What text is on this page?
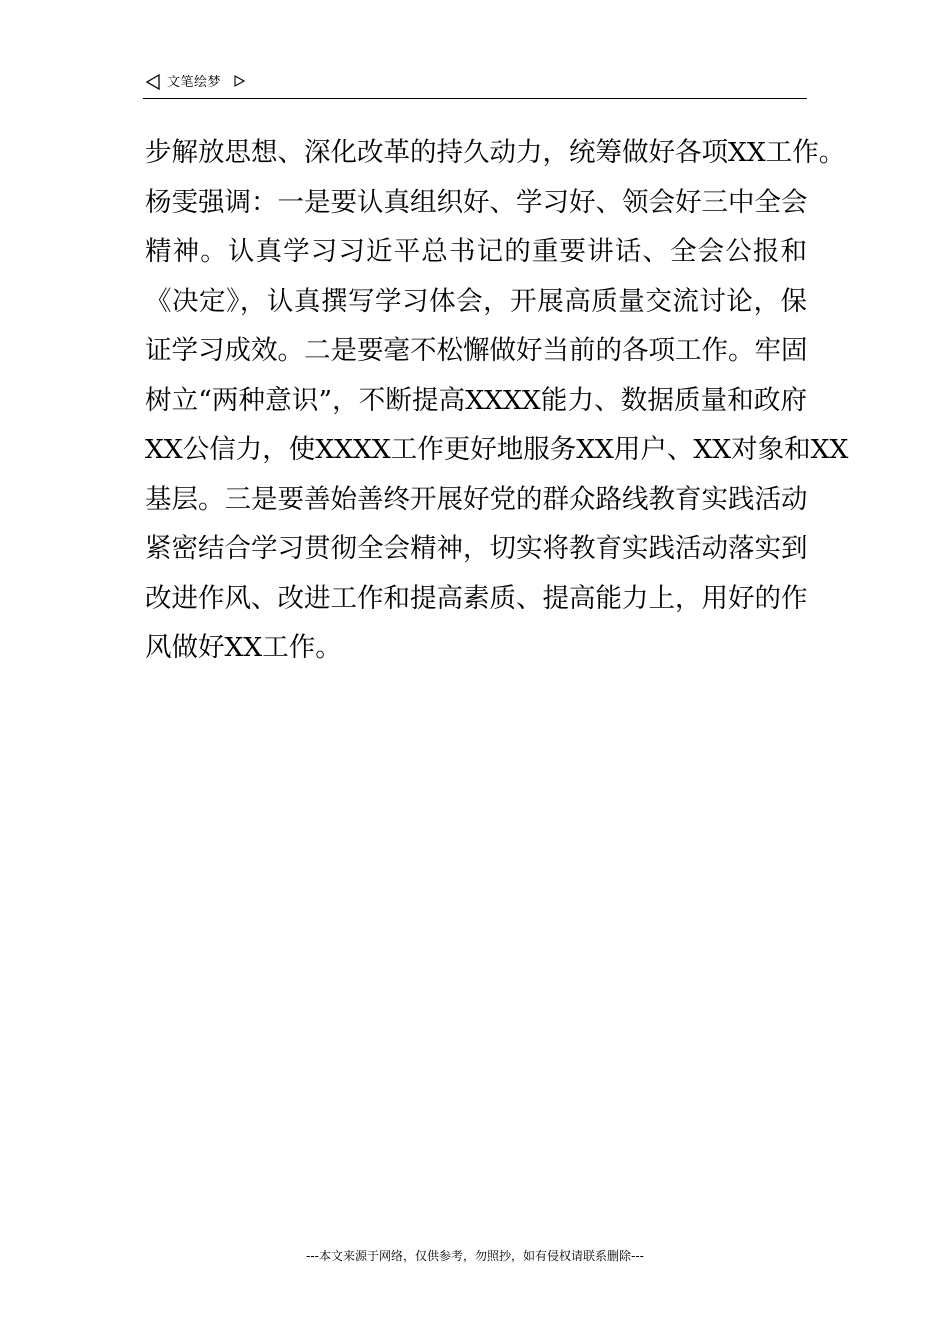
文笔绘梦
步解放思想、深化改革的持久动力，统筹做好各项XX工作。
杨雯强调：一是要认真组织好、学习好、领会好三中全会
精神。认真学习习近平总书记的重要讲话、全会公报和
《决定》，认真撰写学习体会，开展高质量交流讨论，保
证学习成效。二是要毫不松懈做好当前的各项工作。牢固
树立“两种意识”，不断提高XXXX能力、数据质量和政府
XX公信力，使XXXX工作更好地服务XX用户、XX对象和XX
基层。三是要善始善终开展好党的群众路线教育实践活动
紧密结合学习贯彻全会精神，切实将教育实践活动落实到
改进作风、改进工作和提高素质、提高能力上，用好的作
风做好XX工作。
---本文来源于网络，仅供参考，勿照抄，如有侵权请联系删除---
